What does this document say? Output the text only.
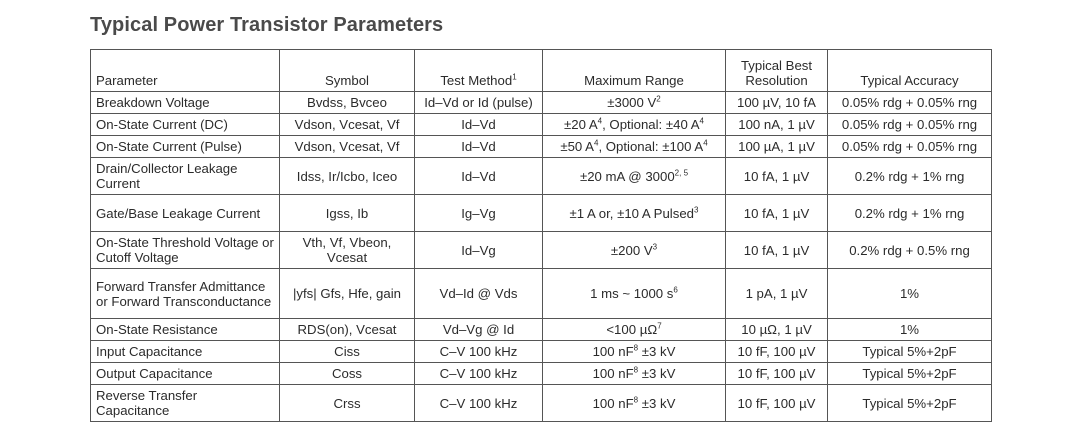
Typical Power Transistor Parameters
Parameter	Symbol	Test Method$^1$	Maximum Range	Typical Best Resolution	Typical Accuracy
Breakdown Voltage	Bvdss, Bvceo	Id–Vd or Id (pulse)	±3000 $V^2$	100 µV, 10 fA	0.05% rdg + 0.05% rng
On-State Current (DC)	Vdson, Vcesat, Vf	Id–Vd	±20 $A^4$, Optional: ±40 $A^4$	100 nA, 1 µV	0.05% rdg + 0.05% rng
On-State Current (Pulse)	Vdson, Vcesat, Vf	Id–Vd	±50 $A^4$, Optional: ±100 $A^4$	100 µA, 1 µV	0.05% rdg + 0.05% rng
Drain/Collector Leakage Current	Idss, Ir/Icbo, Iceo	Id–Vd	±20 mA @ 3000$^{2, 5}$	10 fA, 1 µV	0.2% rdg + 1% rng
Gate/Base Leakage Current	Igss, Ib	Ig–Vg	±1 A or, ±10 A Pulsed$^3$	10 fA, 1 µV	0.2% rdg + 1% rng
On-State Threshold Voltage or Cutoff Voltage	Vth, Vf, Vbeon, Vcesat	Id–Vg	±200 $V^3$	10 fA, 1 µV	0.2% rdg + 0.5% rng
Forward Transfer Admittance or Forward Transconductance	|yfs| Gfs, Hfe, gain	Vd–Id @ Vds	1 ms ~ 1000 $s^6$	1 pA, 1 µV	1%
On-State Resistance	RDS(on), Vcesat	Vd–Vg @ Id	<100 µΩ$^7$	10 µΩ, 1 µV	1%
Input Capacitance	Ciss	C–V 100 kHz	100 $nF^8 \pm 3$ kV	10 fF, 100 µV	Typical 5%+2pF
Output Capacitance	Coss	C–V 100 kHz	100 $nF^8 \pm 3$ kV	10 fF, 100 µV	Typical 5%+2pF
Reverse Transfer Capacitance	Crss	C–V 100 kHz	100 $nF^8 \pm 3$ kV	10 fF, 100 µV	Typical 5%+2pF
